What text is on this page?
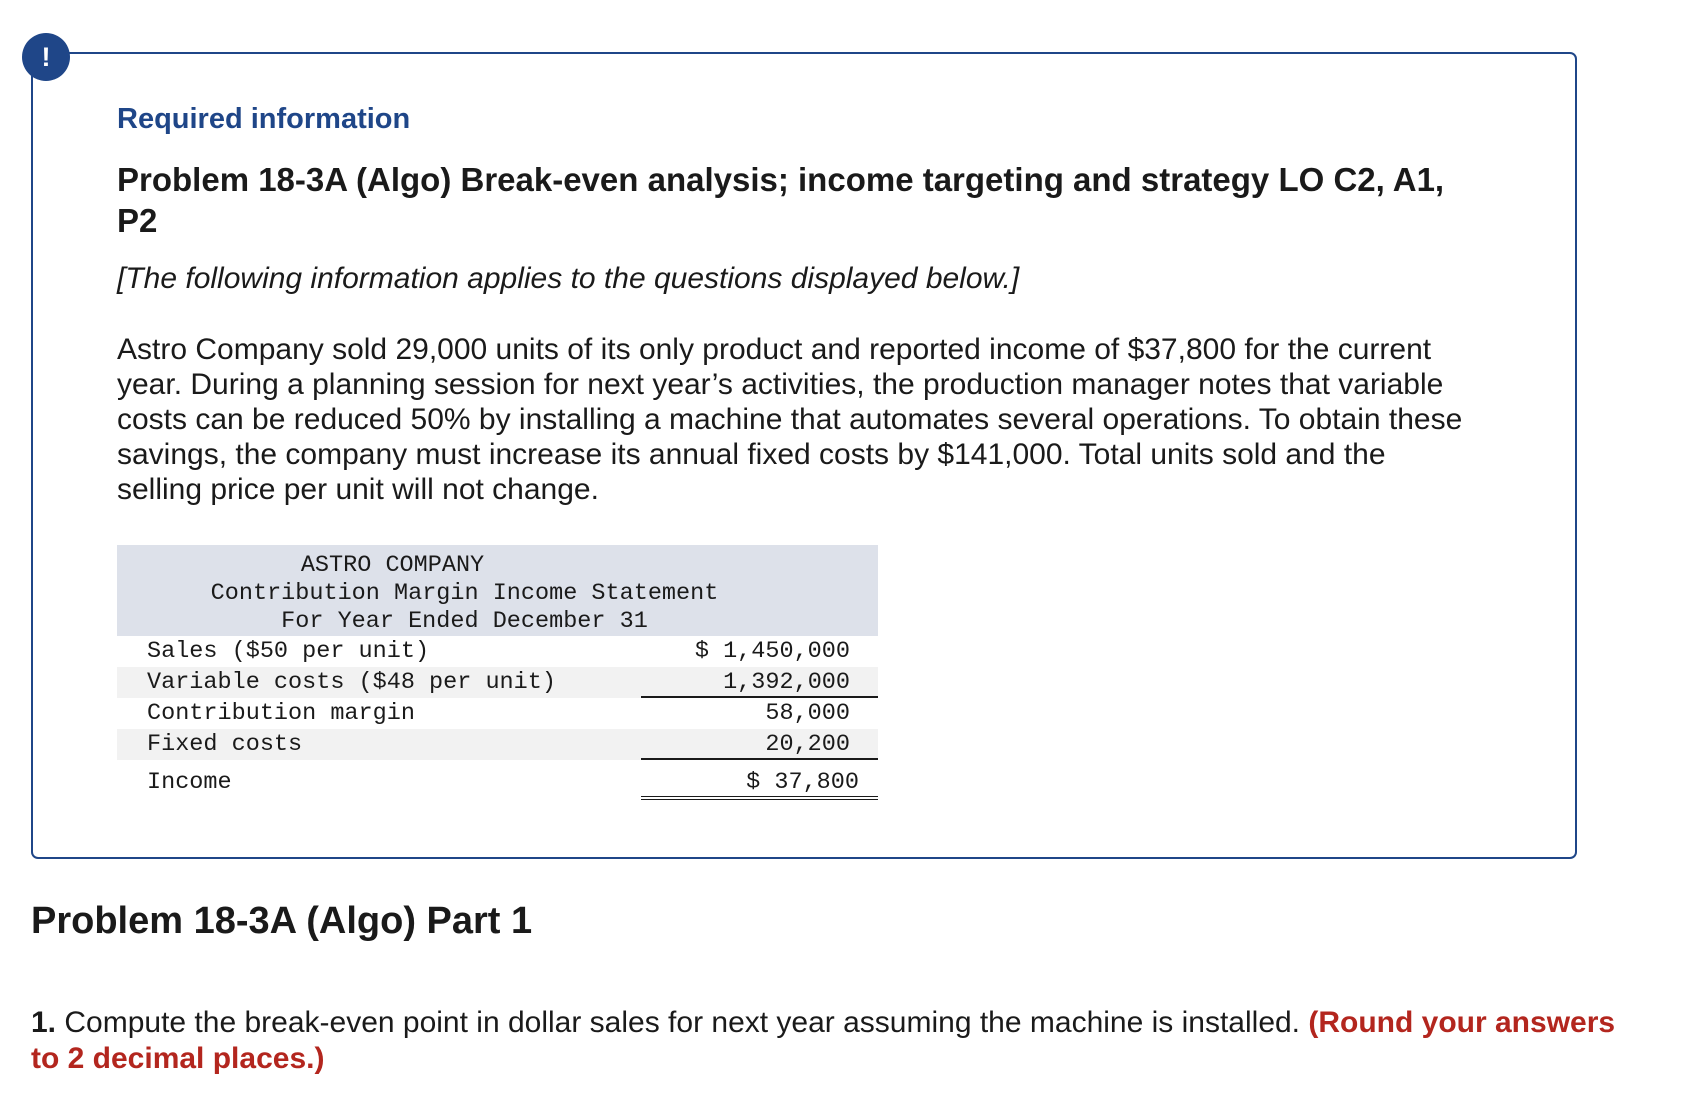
!
Required information
Problem 18-3A (Algo) Break-even analysis; income targeting and strategy LO C2, A1, P2
[The following information applies to the questions displayed below.]
Astro Company sold 29,000 units of its only product and reported income of $37,800 for the current year. During a planning session for next year’s activities, the production manager notes that variable costs can be reduced 50% by installing a machine that automates several operations. To obtain these savings, the company must increase its annual fixed costs by $141,000. Total units sold and the selling price per unit will not change.
ASTRO COMPANY
Contribution Margin Income Statement
For Year Ended December 31
Sales ($50 per unit)	$ 1,450,000
Variable costs ($48 per unit)	1,392,000
Contribution margin	58,000
Fixed costs	20,200
Income	$ 37,800
Problem 18-3A (Algo) Part 1
1. Compute the break-even point in dollar sales for next year assuming the machine is installed. (Round your answers to 2 decimal places.)
